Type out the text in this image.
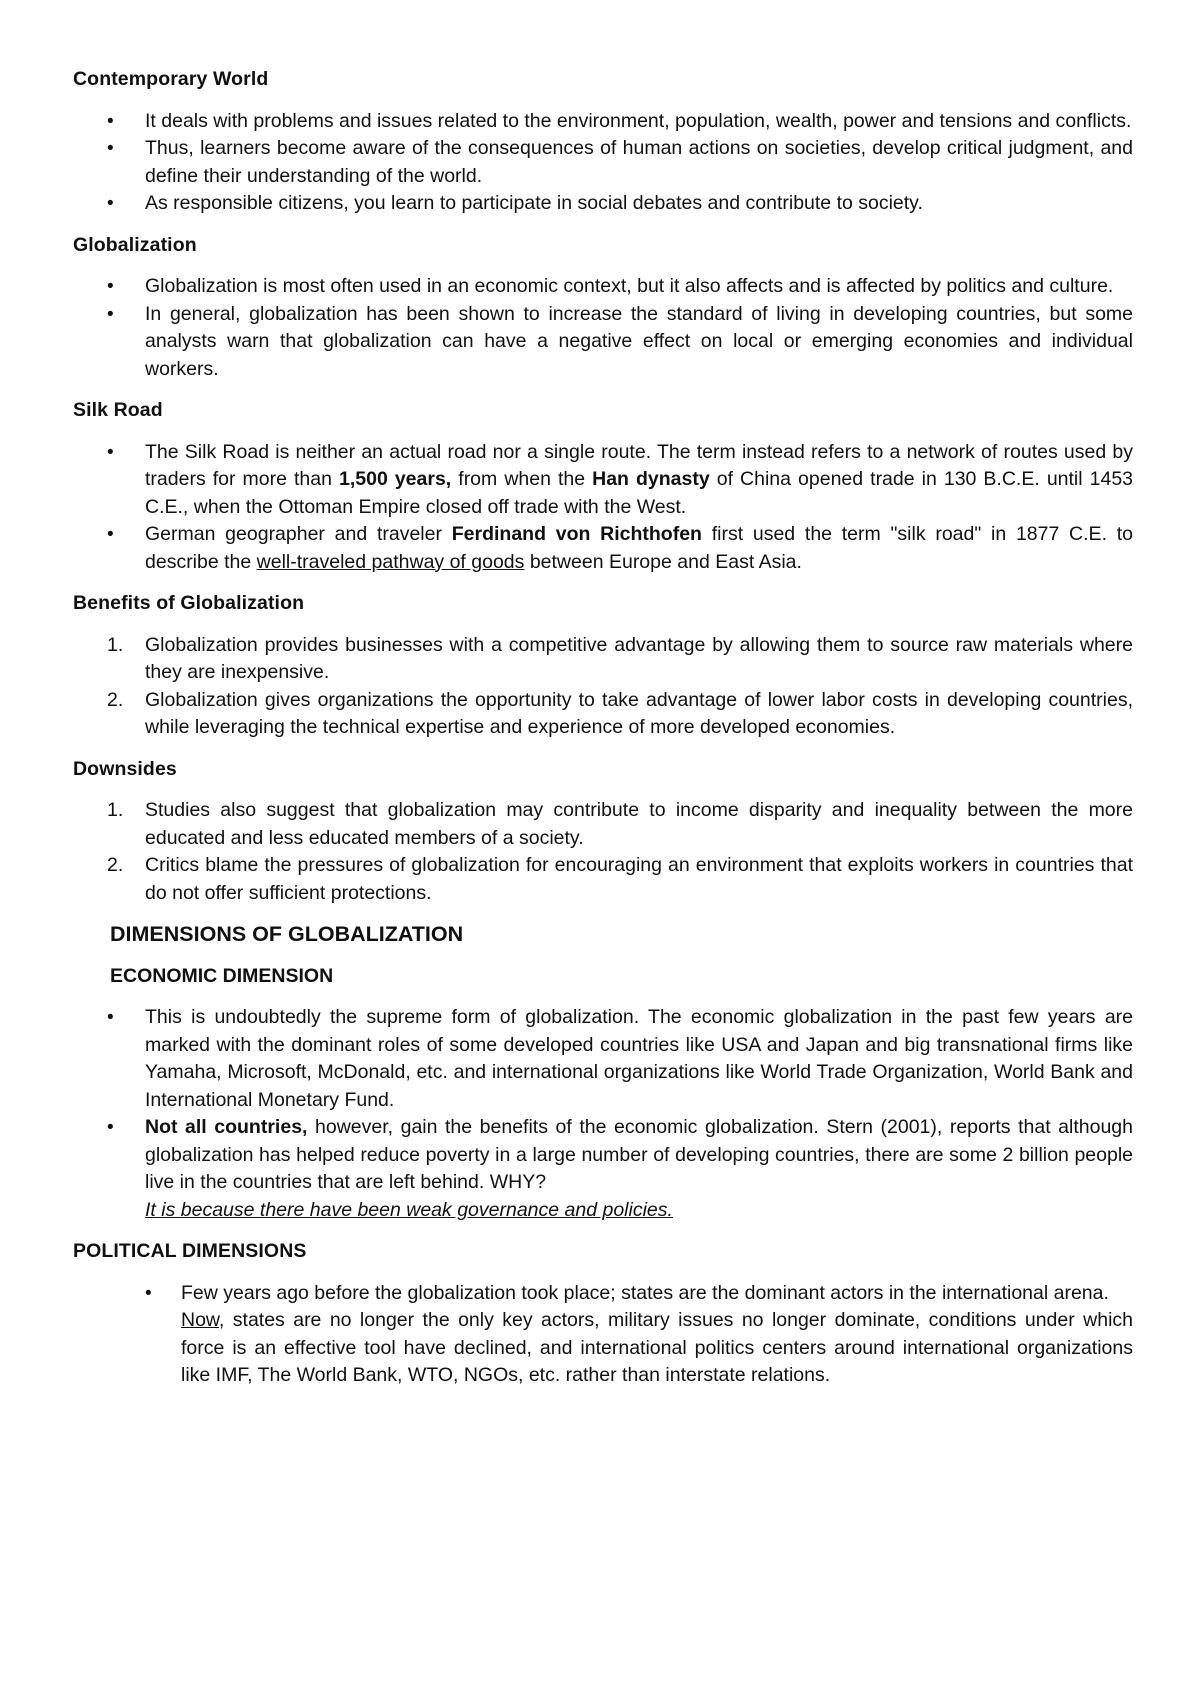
Contemporary World
• It deals with problems and issues related to the environment, population, wealth, power and tensions and conflicts.
• Thus, learners become aware of the consequences of human actions on societies, develop critical judgment, and define their understanding of the world.
• As responsible citizens, you learn to participate in social debates and contribute to society.
Globalization
• Globalization is most often used in an economic context, but it also affects and is affected by politics and culture.
• In general, globalization has been shown to increase the standard of living in developing countries, but some analysts warn that globalization can have a negative effect on local or emerging economies and individual workers.
Silk Road
• The Silk Road is neither an actual road nor a single route. The term instead refers to a network of routes used by traders for more than 1,500 years, from when the Han dynasty of China opened trade in 130 B.C.E. until 1453 C.E., when the Ottoman Empire closed off trade with the West.
• German geographer and traveler Ferdinand von Richthofen first used the term "silk road" in 1877 C.E. to describe the well-traveled pathway of goods between Europe and East Asia.
Benefits of Globalization
1. Globalization provides businesses with a competitive advantage by allowing them to source raw materials where they are inexpensive.
2. Globalization gives organizations the opportunity to take advantage of lower labor costs in developing countries, while leveraging the technical expertise and experience of more developed economies.
Downsides
1. Studies also suggest that globalization may contribute to income disparity and inequality between the more educated and less educated members of a society.
2. Critics blame the pressures of globalization for encouraging an environment that exploits workers in countries that do not offer sufficient protections.
DIMENSIONS OF GLOBALIZATION
ECONOMIC DIMENSION
• This is undoubtedly the supreme form of globalization. The economic globalization in the past few years are marked with the dominant roles of some developed countries like USA and Japan and big transnational firms like Yamaha, Microsoft, McDonald, etc. and international organizations like World Trade Organization, World Bank and International Monetary Fund.
• Not all countries, however, gain the benefits of the economic globalization. Stern (2001), reports that although globalization has helped reduce poverty in a large number of developing countries, there are some 2 billion people live in the countries that are left behind. WHY?
It is because there have been weak governance and policies.
POLITICAL DIMENSIONS
• Few years ago before the globalization took place; states are the dominant actors in the international arena.
Now, states are no longer the only key actors, military issues no longer dominate, conditions under which force is an effective tool have declined, and international politics centers around international organizations like IMF, The World Bank, WTO, NGOs, etc. rather than interstate relations.
